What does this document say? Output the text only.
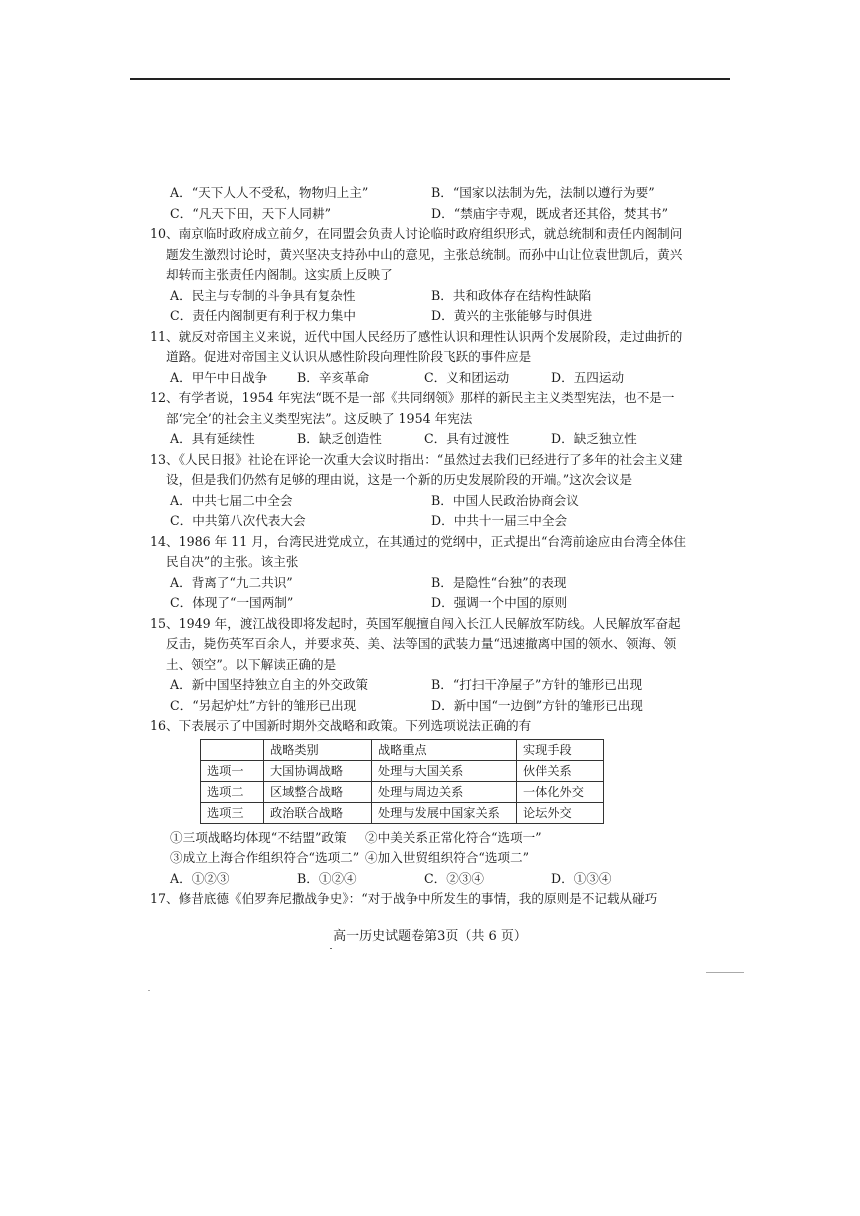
A．“天下人人不受私，物物归上主”	B．“国家以法制为先，法制以遵行为要”
C．“凡天下田，天下人同耕”	D．“禁庙宇寺观，既成者还其俗，焚其书”

10、南京临时政府成立前夕，在同盟会负责人讨论临时政府组织形式，就总统制和责任内阁制问题发生激烈讨论时，黄兴坚决支持孙中山的意见，主张总统制。而孙中山让位袁世凯后，黄兴却转而主张责任内阁制。这实质上反映了

A．民主与专制的斗争具有复杂性	B．共和政体存在结构性缺陷
C．责任内阁制更有利于权力集中	D．黄兴的主张能够与时俱进

11、就反对帝国主义来说，近代中国人民经历了感性认识和理性认识两个发展阶段，走过曲折的道路。促进对帝国主义认识从感性阶段向理性阶段飞跃的事件应是

A．甲午中日战争	B．辛亥革命	C．义和团运动	D．五四运动

12、有学者说，1954 年宪法“既不是一部《共同纲领》那样的新民主主义类型宪法，也不是一部‘完全’的社会主义类型宪法”。这反映了 1954 年宪法

A．具有延续性	B．缺乏创造性	C．具有过渡性	D．缺乏独立性

13、《人民日报》社论在评论一次重大会议时指出：“虽然过去我们已经进行了多年的社会主义建设，但是我们仍然有足够的理由说，这是一个新的历史发展阶段的开端。”这次会议是

A．中共七届二中全会	B．中国人民政治协商会议
C．中共第八次代表大会	D．中共十一届三中全会

14、1986 年 11 月，台湾民进党成立，在其通过的党纲中，正式提出“台湾前途应由台湾全体住民自决”的主张。该主张

A．背离了“九二共识”	B．是隐性“台独”的表现
C．体现了“一国两制”	D．强调一个中国的原则

15、1949 年，渡江战役即将发起时，英国军舰擅自闯入长江人民解放军防线。人民解放军奋起反击，毙伤英军百余人，并要求英、美、法等国的武装力量“迅速撤离中国的领水、领海、领土、领空”。以下解读正确的是

A．新中国坚持独立自主的外交政策	B．“打扫干净屋子”方针的雏形已出现
C．“另起炉灶”方针的雏形已出现	D．新中国“一边倒”方针的雏形已出现

16、下表展示了中国新时期外交战略和政策。下列选项说法正确的有

	战略类别	战略重点	实现手段
选项一	大国协调战略	处理与大国关系	伙伴关系
选项二	区域整合战略	处理与周边关系	一体化外交
选项三	政治联合战略	处理与发展中国家关系	论坛外交
①三项战略均体现“不结盟”政策	②中美关系正常化符合“选项一”
③成立上海合作组织符合“选项二” ④加入世贸组织符合“选项二”
A．①②③	B．①②④	C．②③④	D．①③④

17、修昔底德《伯罗奔尼撒战争史》：“对于战争中所发生的事情，我的原则是不记载从碰巧

高一历史试题卷第3页（共 6 页）
